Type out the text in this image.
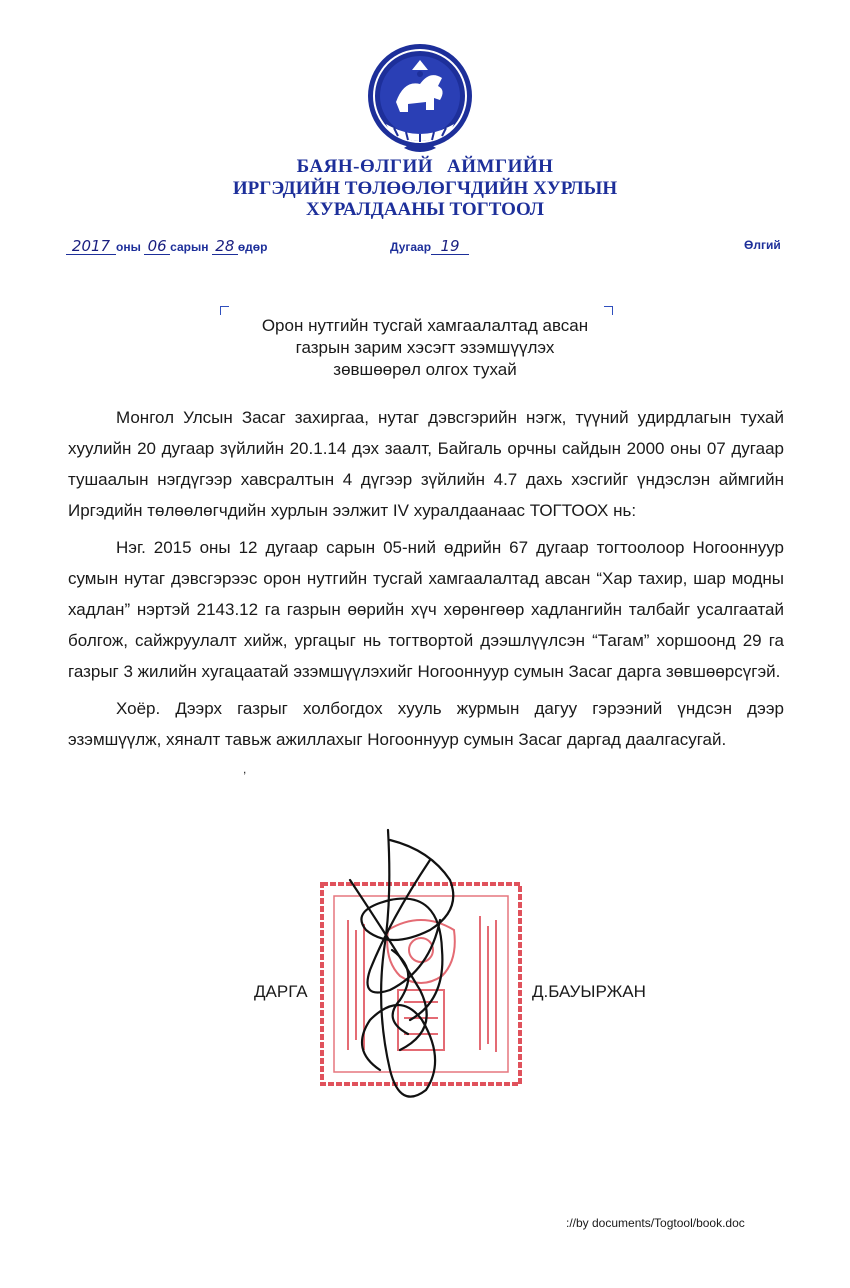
БАЯН-ӨЛГИЙ АЙМГИЙН
ИРГЭДИЙН ТӨЛӨӨЛӨГЧДИЙН ХУРЛЫН
ХУРАЛДААНЫ ТОГТООЛ
2017 оны 06 сарын 28 өдөр	Дугаар 19	Өлгий
Орон нутгийн тусгай хамгаалалтад авсан
газрын зарим хэсэгт эзэмшүүлэх
зөвшөөрөл олгох тухай

Монгол Улсын Засаг захиргаа, нутаг дэвсгэрийн нэгж, түүний удирдлагын тухай хуулийн 20 дугаар зүйлийн 20.1.14 дэх заалт, Байгаль орчны сайдын 2000 оны 07 дугаар тушаалын нэгдүгээр хавсралтын 4 дүгээр зүйлийн 4.7 дахь хэсгийг үндэслэн аймгийн Иргэдийн төлөөлөгчдийн хурлын ээлжит IV хуралдаанаас ТОГТООХ нь:

Нэг. 2015 оны 12 дугаар сарын 05-ний өдрийн 67 дугаар тогтоолоор Ногооннуур сумын нутаг дэвсгэрээс орон нутгийн тусгай хамгаалалтад авсан “Хар тахир, шар модны хадлан” нэртэй 2143.12 га газрын өөрийн хүч хөрөнгөөр хадлангийн талбайг усалгаатай болгож, сайжруулалт хийж, ургацыг нь тогтвортой дээшлүүлсэн “Тагам” хоршоонд 29 га газрыг 3 жилийн хугацаатай эзэмшүүлэхийг Ногооннуур сумын Засаг дарга зөвшөөрсүгэй.

Хоёр. Дээрх газрыг холбогдох хууль журмын дагуу гэрээний үндсэн дээр эзэмшүүлж, хяналт тавьж ажиллахыг Ногооннуур сумын Засаг даргад даалгасугай.

,
ДАРГА	Д.БАУЫРЖАН
://by documents/Togtool/book.doc
